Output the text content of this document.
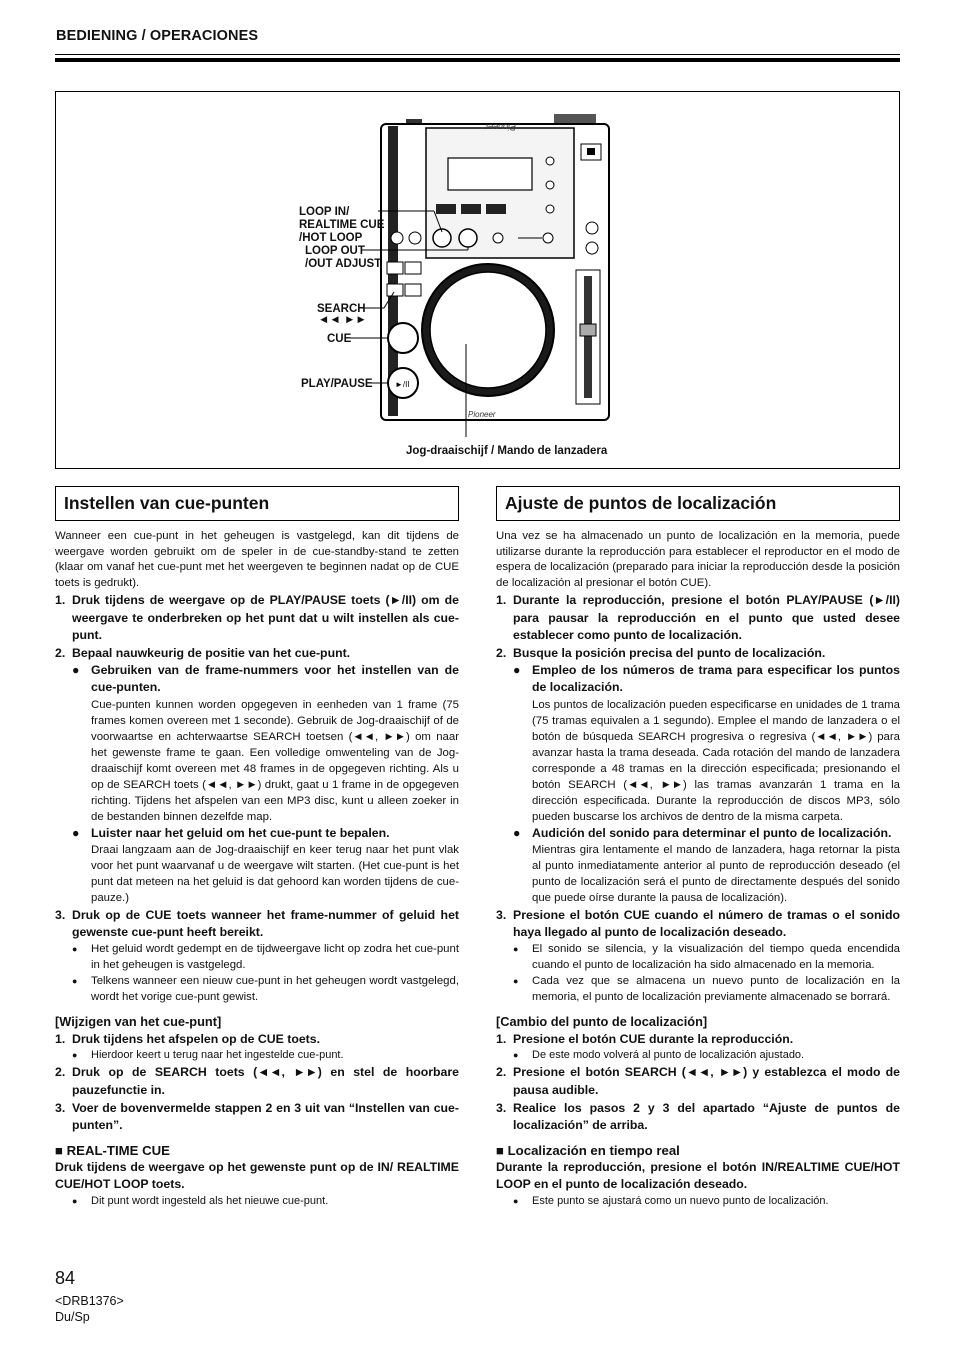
BEDIENING / OPERACIONES
Pioneer
►/II
Pioneer
LOOP IN/
REALTIME CUE
/HOT LOOP
LOOP OUT
/OUT ADJUST
SEARCH
◄◄ ►►
CUE
PLAY/PAUSE
Jog-draaischijf / Mando de lanzadera
Instellen van cue-punten

Wanneer een cue-punt in het geheugen is vastgelegd, kan dit tijdens de weergave worden gebruikt om de speler in de cue-standby-stand te zetten (klaar om vanaf het cue-punt met het weergeven te beginnen nadat op de CUE toets is gedrukt).

1. Druk tijdens de weergave op de PLAY/PAUSE toets (►/II) om de weergave te onderbreken op het punt dat u wilt instellen als cue-punt.
2. Bepaal nauwkeurig de positie van het cue-punt.
● Gebruiken van de frame-nummers voor het instellen van de cue-punten.
Cue-punten kunnen worden opgegeven in eenheden van 1 frame (75 frames komen overeen met 1 seconde). Gebruik de Jog-draaischijf of de voorwaartse en achterwaartse SEARCH toetsen (◄◄, ►►) om naar het gewenste frame te gaan. Een volledige omwenteling van de Jog-draaischijf komt overeen met 48 frames in de opgegeven richting. Als u op de SEARCH toets (◄◄, ►►) drukt, gaat u 1 frame in de opgegeven richting. Tijdens het afspelen van een MP3 disc, kunt u alleen zoeker in de bestanden binnen dezelfde map.
● Luister naar het geluid om het cue-punt te bepalen.
Draai langzaam aan de Jog-draaischijf en keer terug naar het punt vlak voor het punt waarvanaf u de weergave wilt starten. (Het cue-punt is het punt dat meteen na het geluid is dat gehoord kan worden tijdens de cue-pauze.)
3. Druk op de CUE toets wanneer het frame-nummer of geluid het gewenste cue-punt heeft bereikt.
●	Het geluid wordt gedempt en de tijdweergave licht op zodra het cue-punt in het geheugen is vastgelegd.
●	Telkens wanneer een nieuw cue-punt in het geheugen wordt vastgelegd, wordt het vorige cue-punt gewist.
[Wijzigen van het cue-punt]
1. Druk tijdens het afspelen op de CUE toets.
●	Hierdoor keert u terug naar het ingestelde cue-punt.
2. Druk op de SEARCH toets (◄◄, ►►) en stel de hoorbare pauzefunctie in.
3. Voer de bovenvermelde stappen 2 en 3 uit van “Instellen van cue-punten”.
■ REAL-TIME CUE
Druk tijdens de weergave op het gewenste punt op de IN/ REALTIME CUE/HOT LOOP toets.
●	Dit punt wordt ingesteld als het nieuwe cue-punt.
Ajuste de puntos de localización

Una vez se ha almacenado un punto de localización en la memoria, puede utilizarse durante la reproducción para establecer el reproductor en el modo de espera de localización (preparado para iniciar la reproducción desde la posición de localización al presionar el botón CUE).

1. Durante la reproducción, presione el botón PLAY/PAUSE (►/II) para pausar la reproducción en el punto que usted desee establecer como punto de localización.
2. Busque la posición precisa del punto de localización.
● Empleo de los números de trama para especificar los puntos de localización.
Los puntos de localización pueden especificarse en unidades de 1 trama (75 tramas equivalen a 1 segundo). Emplee el mando de lanzadera o el botón de búsqueda SEARCH progresiva o regresiva (◄◄, ►►) para avanzar hasta la trama deseada. Cada rotación del mando de lanzadera corresponde a 48 tramas en la dirección especificada; presionando el botón SEARCH (◄◄, ►►) las tramas avanzarán 1 trama en la dirección especificada. Durante la reproducción de discos MP3, sólo pueden buscarse los archivos de dentro de la misma carpeta.
● Audición del sonido para determinar el punto de localización.
Mientras gira lentamente el mando de lanzadera, haga retornar la pista al punto inmediatamente anterior al punto de reproducción deseado (el punto de localización será el punto de directamente después del sonido que puede oírse durante la pausa de localización).
3. Presione el botón CUE cuando el número de tramas o el sonido haya llegado al punto de localización deseado.
●	El sonido se silencia, y la visualización del tiempo queda encendida cuando el punto de localización ha sido almacenado en la memoria.
●	Cada vez que se almacena un nuevo punto de localización en la memoria, el punto de localización previamente almacenado se borrará.
[Cambio del punto de localización]
1. Presione el botón CUE durante la reproducción.
●	De este modo volverá al punto de localización ajustado.
2. Presione el botón SEARCH (◄◄, ►►) y establezca el modo de pausa audible.
3. Realice los pasos 2 y 3 del apartado “Ajuste de puntos de localización” de arriba.
■ Localización en tiempo real
Durante la reproducción, presione el botón IN/REALTIME CUE/HOT LOOP en el punto de localización deseado.
●	Este punto se ajustará como un nuevo punto de localización.
84
<DRB1376>
Du/Sp
